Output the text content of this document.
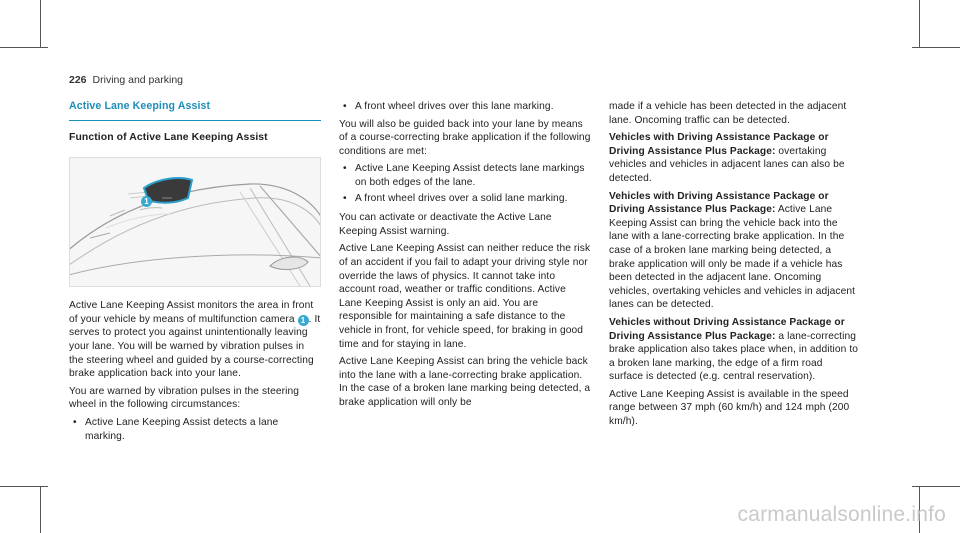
226 Driving and parking
Active Lane Keeping Assist
Function of Active Lane Keeping Assist
1

Active Lane Keeping Assist monitors the area in front of your vehicle by means of multifunction camera 1 . It serves to protect you against unintentionally leaving your lane. You will be warned by vibration pulses in the steering wheel and guided by a course-correcting brake application back into your lane.

You are warned by vibration pulses in the steering wheel in the following circumstances:

• Active Lane Keeping Assist detects a lane marking.
• A front wheel drives over this lane marking.

You will also be guided back into your lane by means of a course-correcting brake application if the following conditions are met:

• Active Lane Keeping Assist detects lane markings on both edges of the lane.
• A front wheel drives over a solid lane marking.

You can activate or deactivate the Active Lane Keeping Assist warning.

Active Lane Keeping Assist can neither reduce the risk of an accident if you fail to adapt your driving style nor override the laws of physics. It cannot take into account road, weather or traffic conditions. Active Lane Keeping Assist is only an aid. You are responsible for maintaining a safe distance to the vehicle in front, for vehicle speed, for braking in good time and for staying in lane.

Active Lane Keeping Assist can bring the vehicle back into the lane with a lane-correcting brake application. In the case of a broken lane marking being detected, a brake application will only be

made if a vehicle has been detected in the adjacent lane. Oncoming traffic can be detected.

Vehicles with Driving Assistance Package or Driving Assistance Plus Package: overtaking vehicles and vehicles in adjacent lanes can also be detected.

Vehicles with Driving Assistance Package or Driving Assistance Plus Package: Active Lane Keeping Assist can bring the vehicle back into the lane with a lane-correcting brake application. In the case of a broken lane marking being detected, a brake application will only be made if a vehicle has been detected in the adjacent lane. Oncoming vehicles, overtaking vehicles and vehicles in adjacent lanes can be detected.

Vehicles without Driving Assistance Package or Driving Assistance Plus Package: a lane-correcting brake application also takes place when, in addition to a broken lane marking, the edge of a firm road surface is detected (e.g. central reservation).

Active Lane Keeping Assist is available in the speed range between 37 mph (60 km/h) and 124 mph (200 km/h).

carmanualsonline.info
